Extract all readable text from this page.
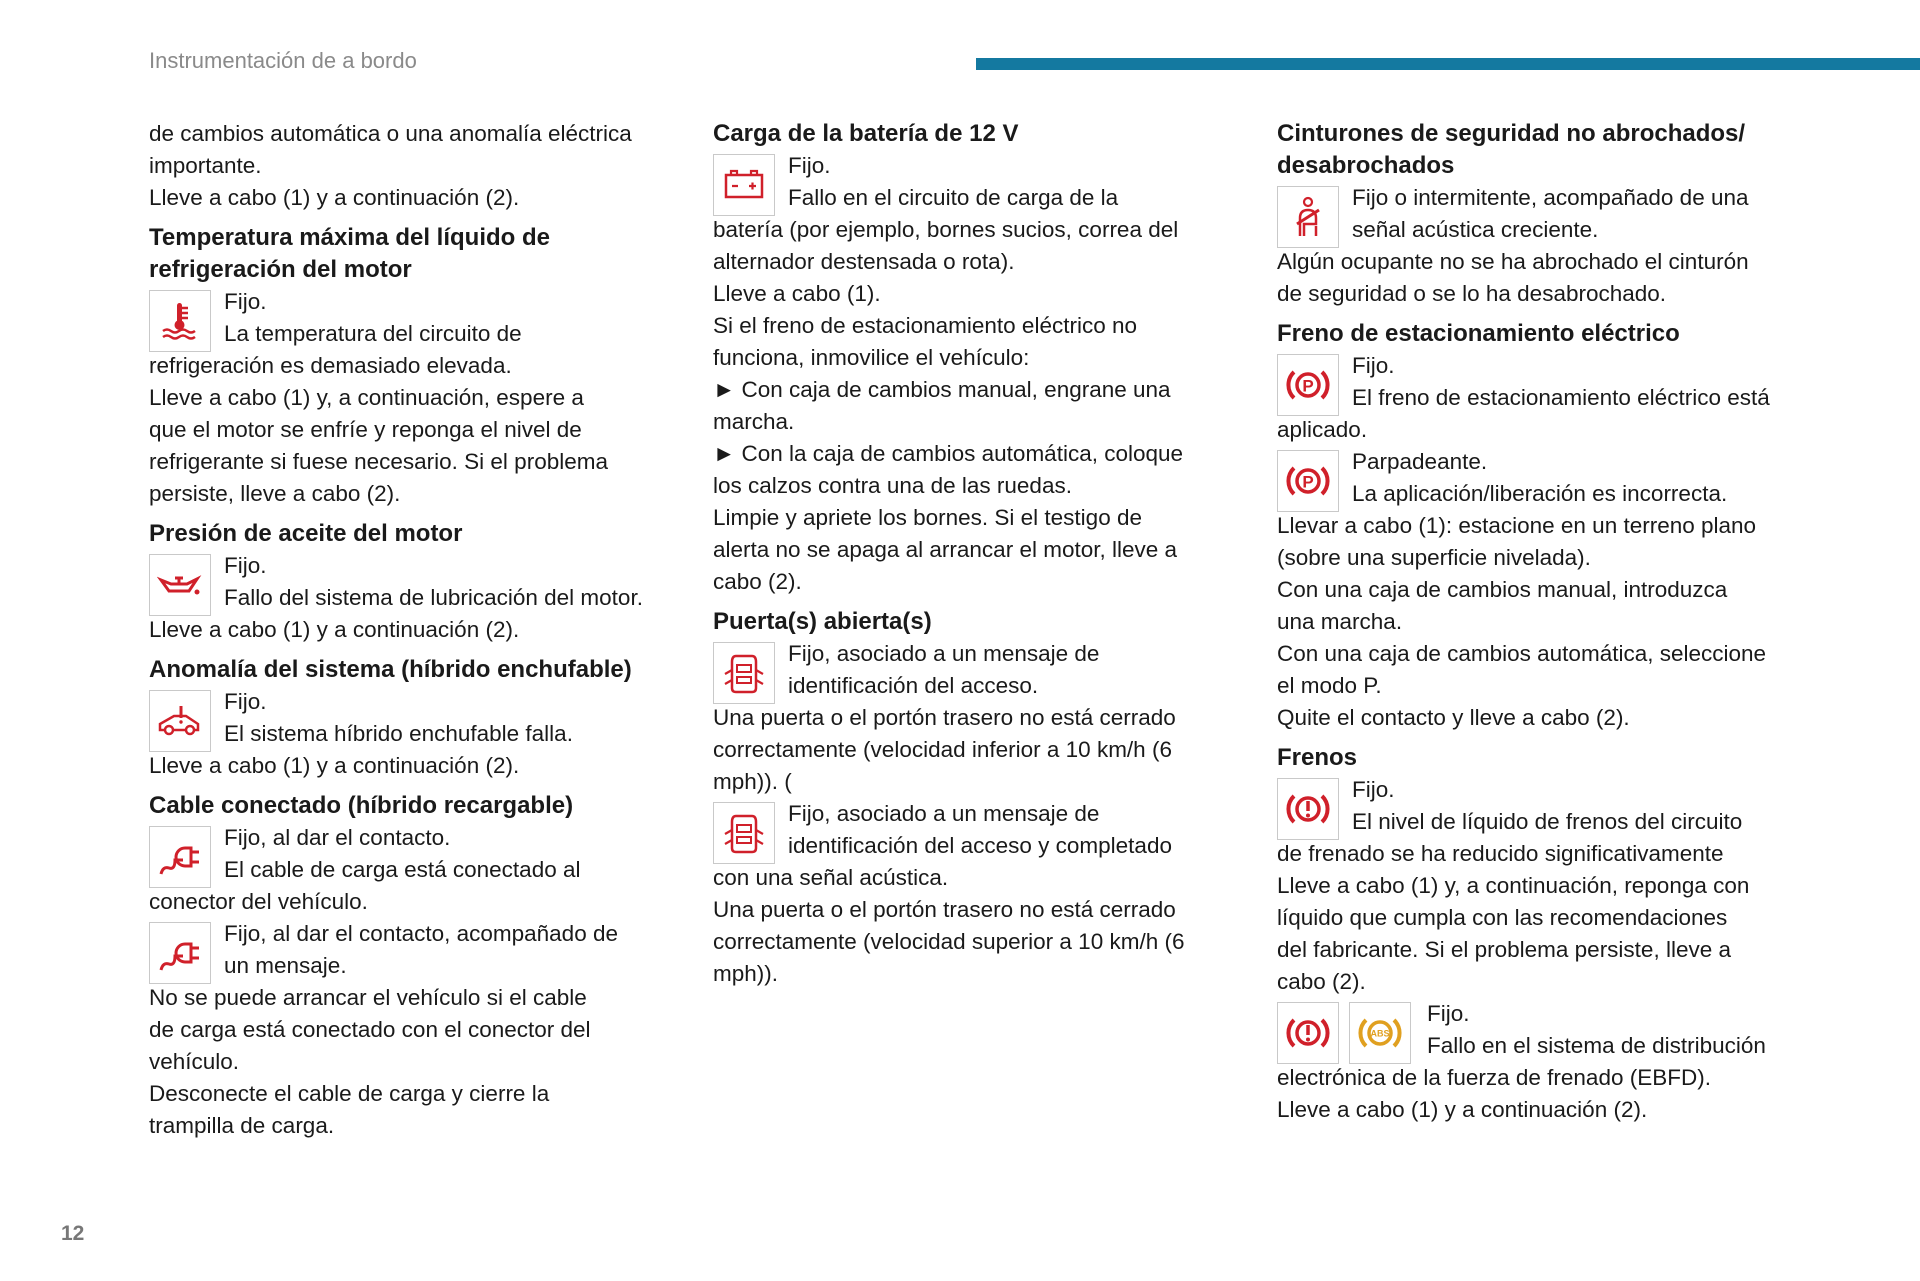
Instrumentación de a bordo
de cambios automática o una anomalía eléctrica
importante.
Lleve a cabo (1) y a continuación (2).
Temperatura máxima del líquido de
refrigeración del motor
Fijo.
La temperatura del circuito de
refrigeración es demasiado elevada.
Lleve a cabo (1) y, a continuación, espere a
que el motor se enfríe y reponga el nivel de
refrigerante si fuese necesario. Si el problema
persiste, lleve a cabo (2).
Presión de aceite del motor
Fijo.
Fallo del sistema de lubricación del motor.
Lleve a cabo (1) y a continuación (2).
Anomalía del sistema (híbrido enchufable)
Fijo.
El sistema híbrido enchufable falla.
Lleve a cabo (1) y a continuación (2).
Cable conectado (híbrido recargable)
Fijo, al dar el contacto.
El cable de carga está conectado al
conector del vehículo.
Fijo, al dar el contacto, acompañado de
un mensaje.
No se puede arrancar el vehículo si el cable
de carga está conectado con el conector del
vehículo.
Desconecte el cable de carga y cierre la
trampilla de carga.
Carga de la batería de 12 V
Fijo.
Fallo en el circuito de carga de la
batería (por ejemplo, bornes sucios, correa del
alternador destensada o rota).
Lleve a cabo (1).
Si el freno de estacionamiento eléctrico no
funciona, inmovilice el vehículo:
► Con caja de cambios manual, engrane una
marcha.
► Con la caja de cambios automática, coloque
los calzos contra una de las ruedas.
Limpie y apriete los bornes. Si el testigo de
alerta no se apaga al arrancar el motor, lleve a
cabo (2).
Puerta(s) abierta(s)
Fijo, asociado a un mensaje de
identificación del acceso.
Una puerta o el portón trasero no está cerrado
correctamente (velocidad inferior a 10 km/h (6
mph)). (
Fijo, asociado a un mensaje de
identificación del acceso y completado
con una señal acústica.
Una puerta o el portón trasero no está cerrado
correctamente (velocidad superior a 10 km/h (6
mph)).
Cinturones de seguridad no abrochados/
desabrochados
Fijo o intermitente, acompañado de una
señal acústica creciente.
Algún ocupante no se ha abrochado el cinturón
de seguridad o se lo ha desabrochado.
Freno de estacionamiento eléctrico
P
Fijo.
El freno de estacionamiento eléctrico está
aplicado.
P
Parpadeante.
La aplicación/liberación es incorrecta.
Llevar a cabo (1): estacione en un terreno plano
(sobre una superficie nivelada).
Con una caja de cambios manual, introduzca
una marcha.
Con una caja de cambios automática, seleccione
el modo P.
Quite el contacto y lleve a cabo (2).
Frenos
Fijo.
El nivel de líquido de frenos del circuito
de frenado se ha reducido significativamente
Lleve a cabo (1) y, a continuación, reponga con
líquido que cumpla con las recomendaciones
del fabricante. Si el problema persiste, lleve a
cabo (2).
ABS
Fijo.
Fallo en el sistema de distribución
electrónica de la fuerza de frenado (EBFD).
Lleve a cabo (1) y a continuación (2).
12
